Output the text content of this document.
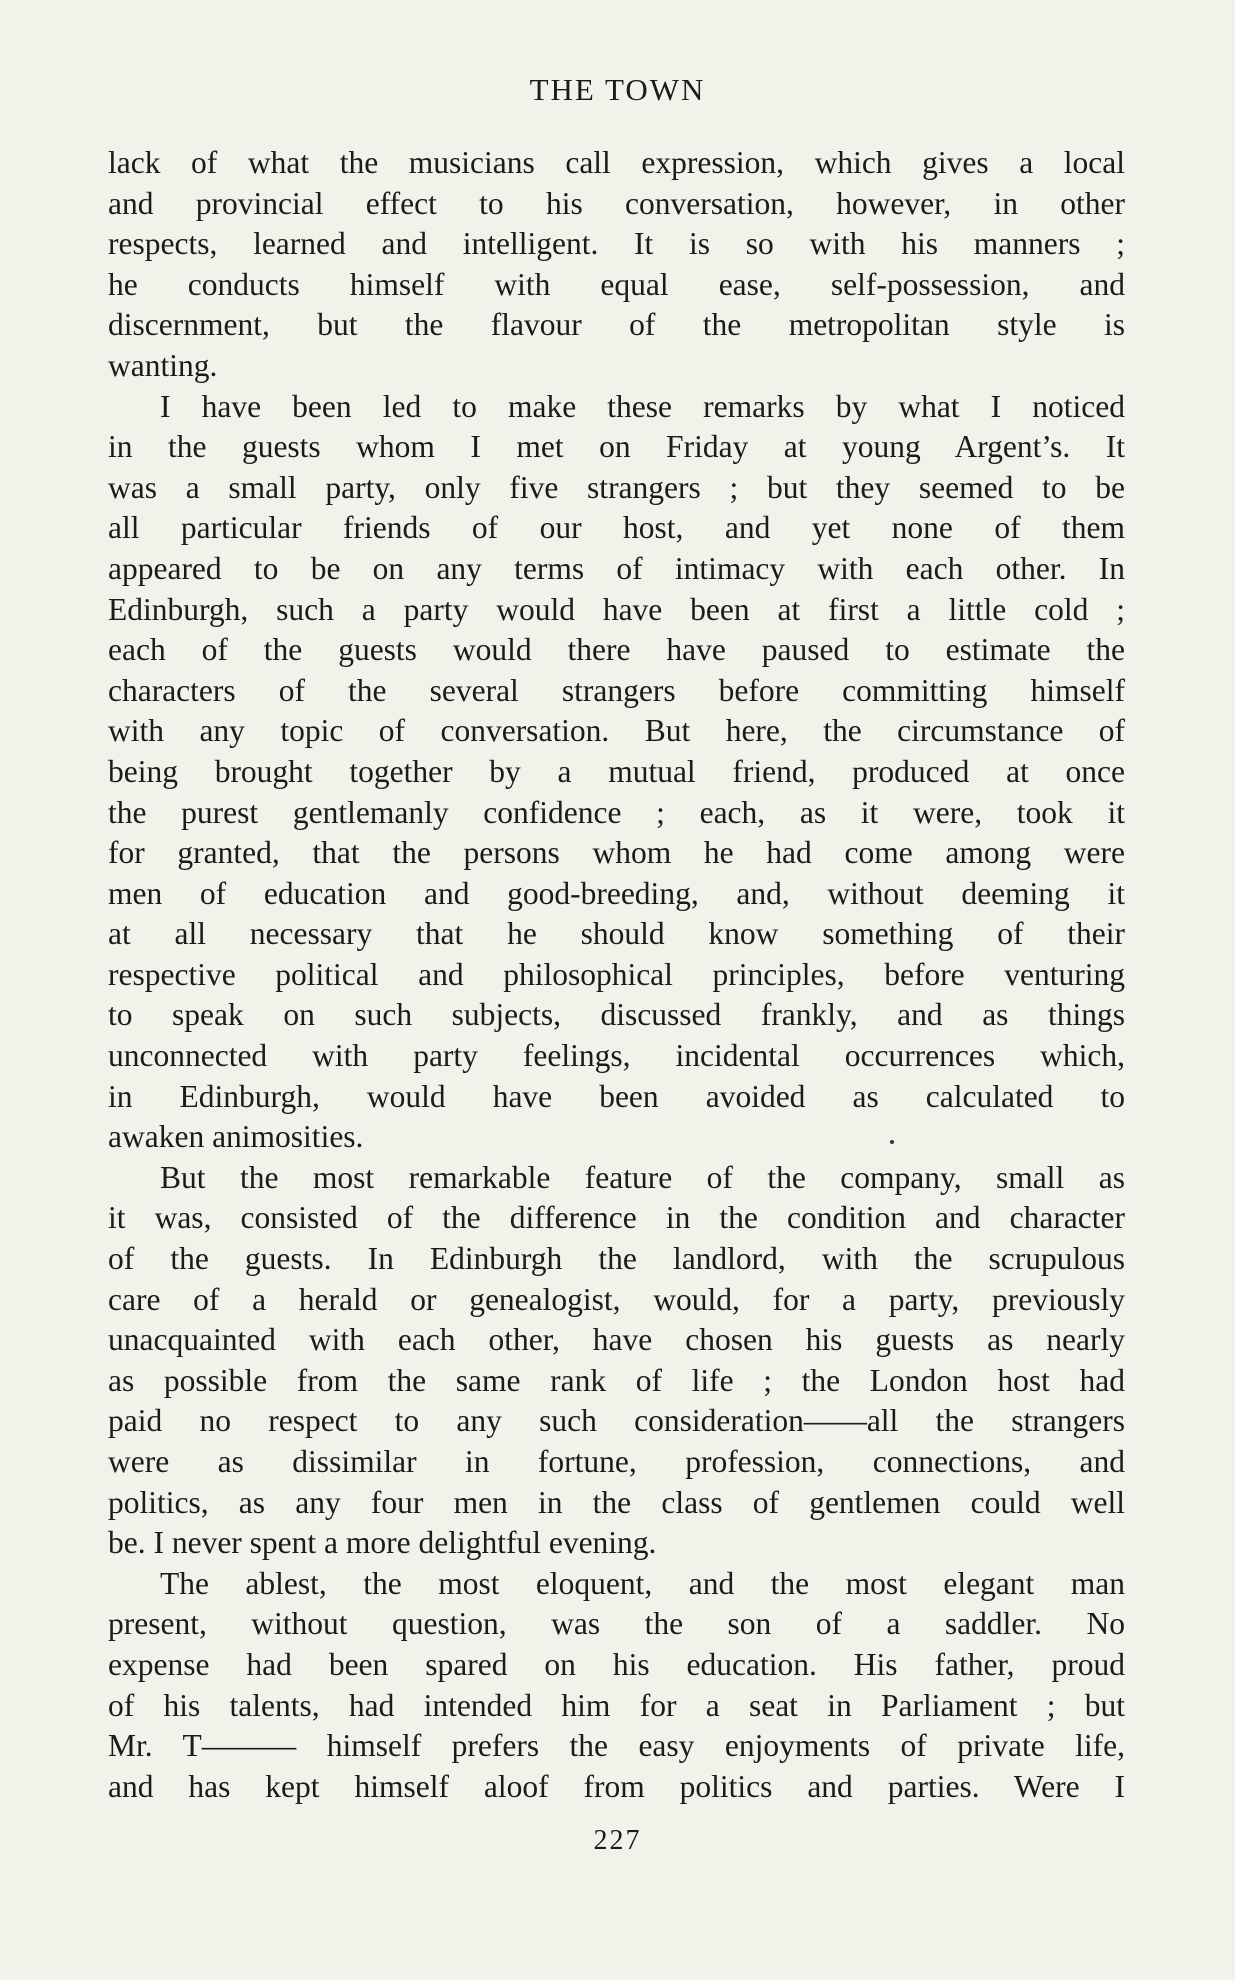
THE TOWN
lack of what the musicians call expression, which gives a local
and provincial effect to his conversation, however, in other
respects, learned and intelligent. It is so with his manners ;
he conducts himself with equal ease, self-possession, and
discernment, but the flavour of the metropolitan style is
wanting.
I have been led to make these remarks by what I noticed
in the guests whom I met on Friday at young Argent’s. It
was a small party, only five strangers ; but they seemed to be
all particular friends of our host, and yet none of them
appeared to be on any terms of intimacy with each other. In
Edinburgh, such a party would have been at first a little cold ;
each of the guests would there have paused to estimate the
characters of the several strangers before committing himself
with any topic of conversation. But here, the circumstance of
being brought together by a mutual friend, produced at once
the purest gentlemanly confidence ; each, as it were, took it
for granted, that the persons whom he had come among were
men of education and good-breeding, and, without deeming it
at all necessary that he should know something of their
respective political and philosophical principles, before venturing
to speak on such subjects, discussed frankly, and as things
unconnected with party feelings, incidental occurrences which,
in Edinburgh, would have been avoided as calculated to
awaken animosities.
But the most remarkable feature of the company, small as
it was, consisted of the difference in the condition and character
of the guests. In Edinburgh the landlord, with the scrupulous
care of a herald or genealogist, would, for a party, previously
unacquainted with each other, have chosen his guests as nearly
as possible from the same rank of life ; the London host had
paid no respect to any such consideration——all the strangers
were as dissimilar in fortune, profession, connections, and
politics, as any four men in the class of gentlemen could well
be. I never spent a more delightful evening.
The ablest, the most eloquent, and the most elegant man
present, without question, was the son of a saddler. No
expense had been spared on his education. His father, proud
of his talents, had intended him for a seat in Parliament ; but
Mr. T——— himself prefers the easy enjoyments of private life,
and has kept himself aloof from politics and parties. Were I
227
